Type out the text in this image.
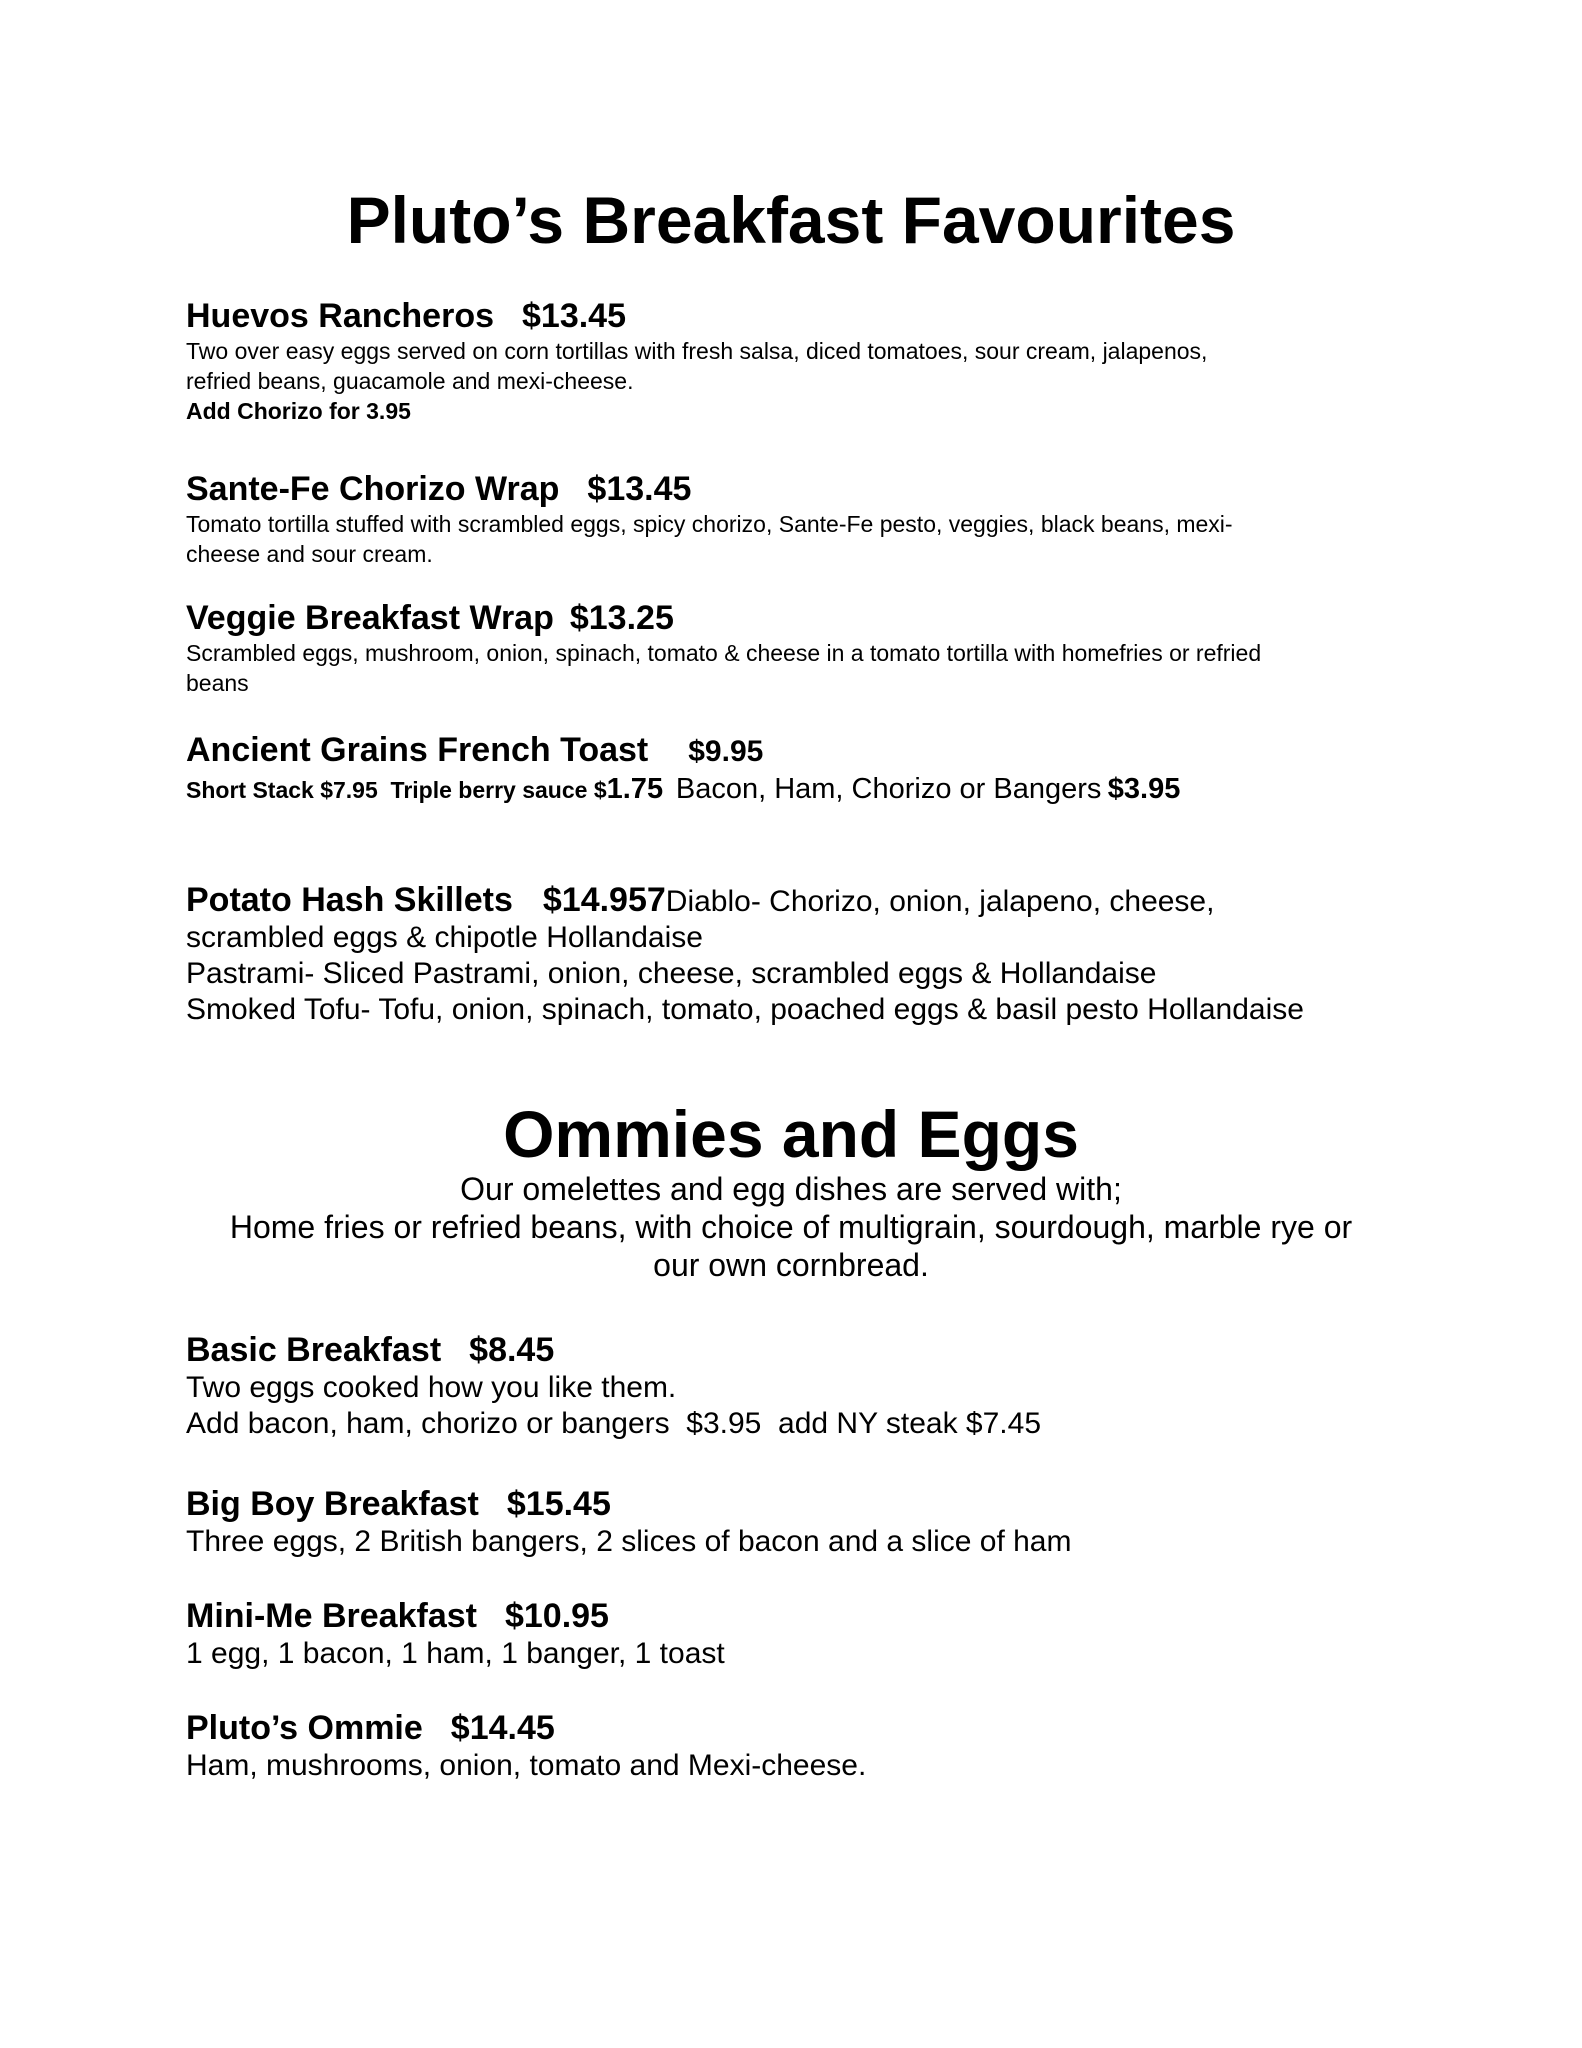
Pluto’s Breakfast Favourites
Huevos Rancheros $13.45
Two over easy eggs served on corn tortillas with fresh salsa, diced tomatoes, sour cream, jalapenos,
refried beans, guacamole and mexi-cheese.
Add Chorizo for 3.95
Sante-Fe Chorizo Wrap $13.45
Tomato tortilla stuffed with scrambled eggs, spicy chorizo, Sante-Fe pesto, veggies, black beans, mexi-
cheese and sour cream.
Veggie Breakfast Wrap $13.25
Scrambled eggs, mushroom, onion, spinach, tomato & cheese in a tomato tortilla with homefries or refried
beans
Ancient Grains French Toast $9.95
Short Stack $7.95 Triple berry sauce $1.75 Bacon, Ham, Chorizo or Bangers $3.95
Potato Hash Skillets $14.957Diablo- Chorizo, onion, jalapeno, cheese,
scrambled eggs & chipotle Hollandaise
Pastrami- Sliced Pastrami, onion, cheese, scrambled eggs & Hollandaise
Smoked Tofu- Tofu, onion, spinach, tomato, poached eggs & basil pesto Hollandaise
Ommies and Eggs
Our omelettes and egg dishes are served with;
Home fries or refried beans, with choice of multigrain, sourdough, marble rye or
our own cornbread.
Basic Breakfast $8.45
Two eggs cooked how you like them.
Add bacon, ham, chorizo or bangers  $3.95  add NY steak $7.45
Big Boy Breakfast $15.45
Three eggs, 2 British bangers, 2 slices of bacon and a slice of ham
Mini-Me Breakfast $10.95
1 egg, 1 bacon, 1 ham, 1 banger, 1 toast
Pluto’s Ommie $14.45
Ham, mushrooms, onion, tomato and Mexi-cheese.
